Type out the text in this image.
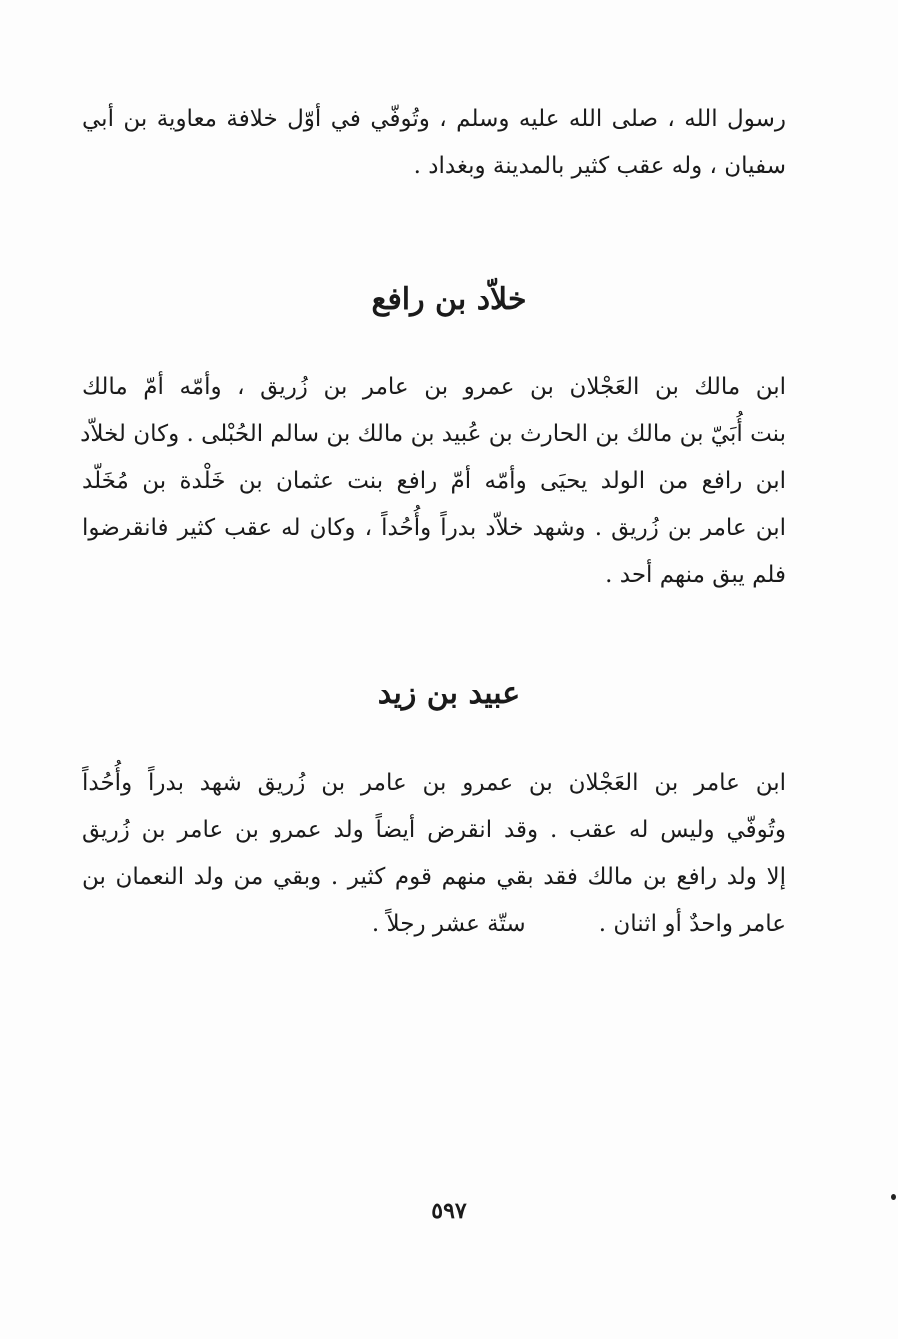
رسول الله ، صلى الله عليه وسلم ، وتُوفّي في أوّل خلافة معاوية بن أبي
سفيان ، وله عقب كثير بالمدينة وبغداد .
خلاّد بن رافع
ابن مالك بن العَجْلان بن عمرو بن عامر بن زُريق ، وأمّه أمّ مالك
بنت أُبَيّ بن مالك بن الحارث بن عُبيد بن مالك بن سالم الحُبْلى . وكان لخلاّد
ابن رافع من الولد يحيَى وأمّه أمّ رافع بنت عثمان بن خَلْدة بن مُخَلّد
ابن عامر بن زُريق . وشهد خلاّد بدراً وأُحُداً ، وكان له عقب كثير فانقرضوا
فلم يبق منهم أحد .
عبيد بن زيد
ابن عامر بن العَجْلان بن عمرو بن عامر بن زُريق شهد بدراً وأُحُداً
وتُوفّي وليس له عقب . وقد انقرض أيضاً ولد عمرو بن عامر بن زُريق
إلا ولد رافع بن مالك فقد بقي منهم قوم كثير . وبقي من ولد النعمان بن
عامر واحدٌ أو اثنان .          ستّة عشر رجلاً .
٥٩٧
